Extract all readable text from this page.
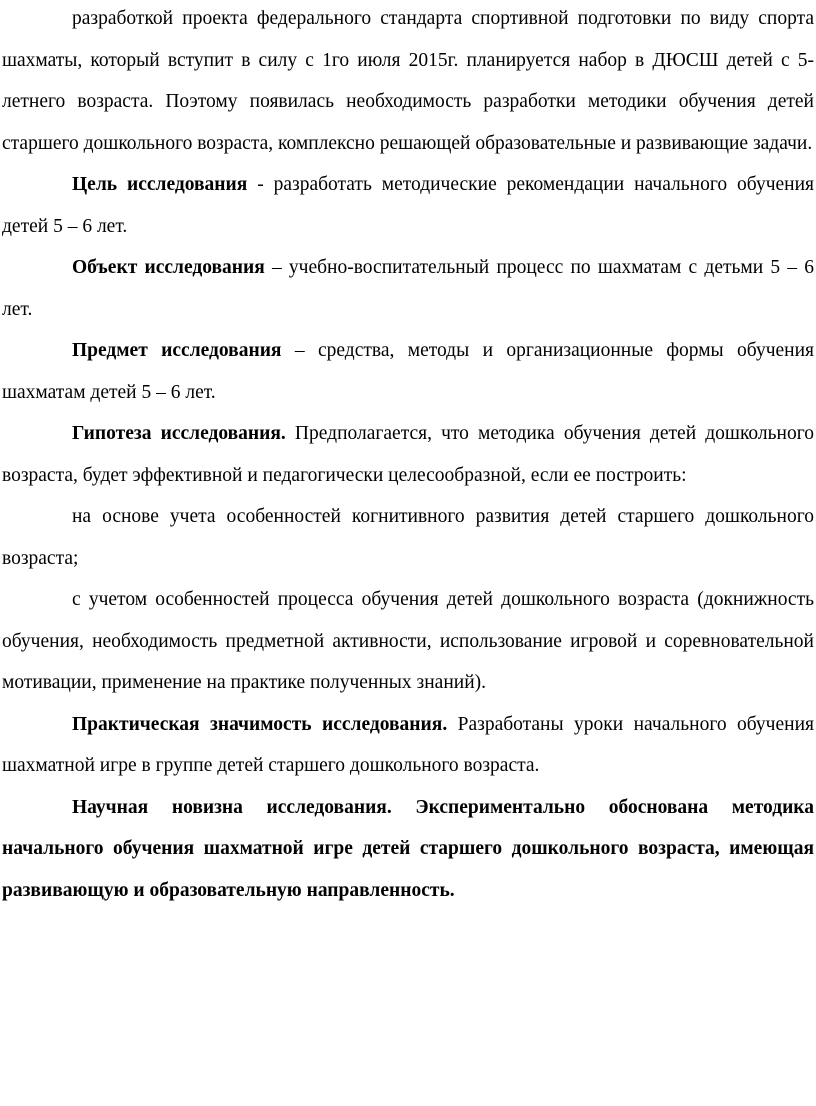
разработкой проекта федерального стандарта спортивной подготовки по виду спорта шахматы, который вступит в силу с 1го июля 2015г. планируется набор в ДЮСШ детей с 5-летнего возраста. Поэтому появилась необходимость разработки методики обучения детей старшего дошкольного возраста, комплексно решающей образовательные и развивающие задачи.

Цель исследования - разработать методические рекомендации начального обучения детей 5 – 6 лет.

Объект исследования – учебно-воспитательный процесс по шахматам с детьми 5 – 6 лет.

Предмет исследования – средства, методы и организационные формы обучения шахматам детей 5 – 6 лет.

Гипотеза исследования. Предполагается, что методика обучения детей дошкольного возраста, будет эффективной и педагогически целесообразной, если ее построить:

на основе учета особенностей когнитивного развития детей старшего дошкольного возраста;

с учетом особенностей процесса обучения детей дошкольного возраста (докнижность обучения, необходимость предметной активности, использование игровой и соревновательной мотивации, применение на практике полученных знаний).

Практическая значимость исследования. Разработаны уроки начального обучения шахматной игре в группе детей старшего дошкольного возраста.

Научная новизна исследования. Экспериментально обоснована методика начального обучения шахматной игре детей старшего дошкольного возраста, имеющая развивающую и образовательную направленность.
